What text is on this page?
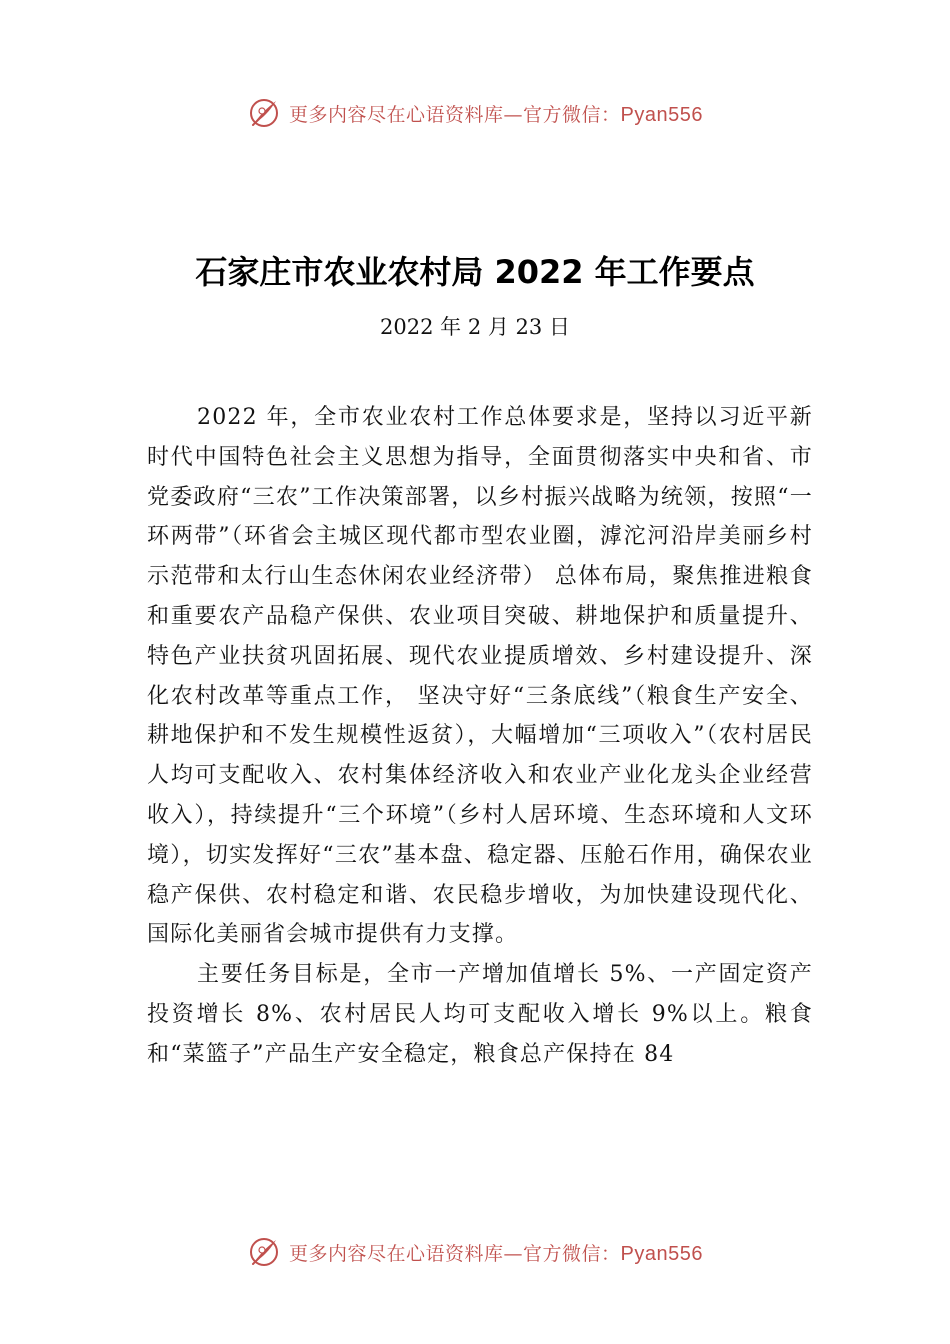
更多内容尽在心语资料库—官方微信：Pyan556
石家庄市农业农村局 2022 年工作要点
2022 年 2 月 23 日

2022 年，全市农业农村工作总体要求是，坚持以习近平新时代中国特色社会主义思想为指导，全面贯彻落实中央和省、市党委政府“三农”工作决策部署，以乡村振兴战略为统领，按照“一环两带”（环省会主城区现代都市型农业圈，滹沱河沿岸美丽乡村示范带和太行山生态休闲农业经济带） 总体布局，聚焦推进粮食和重要农产品稳产保供、农业项目突破、耕地保护和质量提升、特色产业扶贫巩固拓展、现代农业提质增效、乡村建设提升、深化农村改革等重点工作， 坚决守好“三条底线”（粮食生产安全、耕地保护和不发生规模性返贫），大幅增加“三项收入”（农村居民人均可支配收入、农村集体经济收入和农业产业化龙头企业经营收入），持续提升“三个环境”（乡村人居环境、生态环境和人文环境），切实发挥好“三农”基本盘、稳定器、压舱石作用，确保农业稳产保供、农村稳定和谐、农民稳步增收，为加快建设现代化、国际化美丽省会城市提供有力支撑。

主要任务目标是，全市一产增加值增长 5%、一产固定资产投资增长 8%、农村居民人均可支配收入增长 9%以上。粮食和“菜篮子”产品生产安全稳定，粮食总产保持在 84

更多内容尽在心语资料库—官方微信：Pyan556
